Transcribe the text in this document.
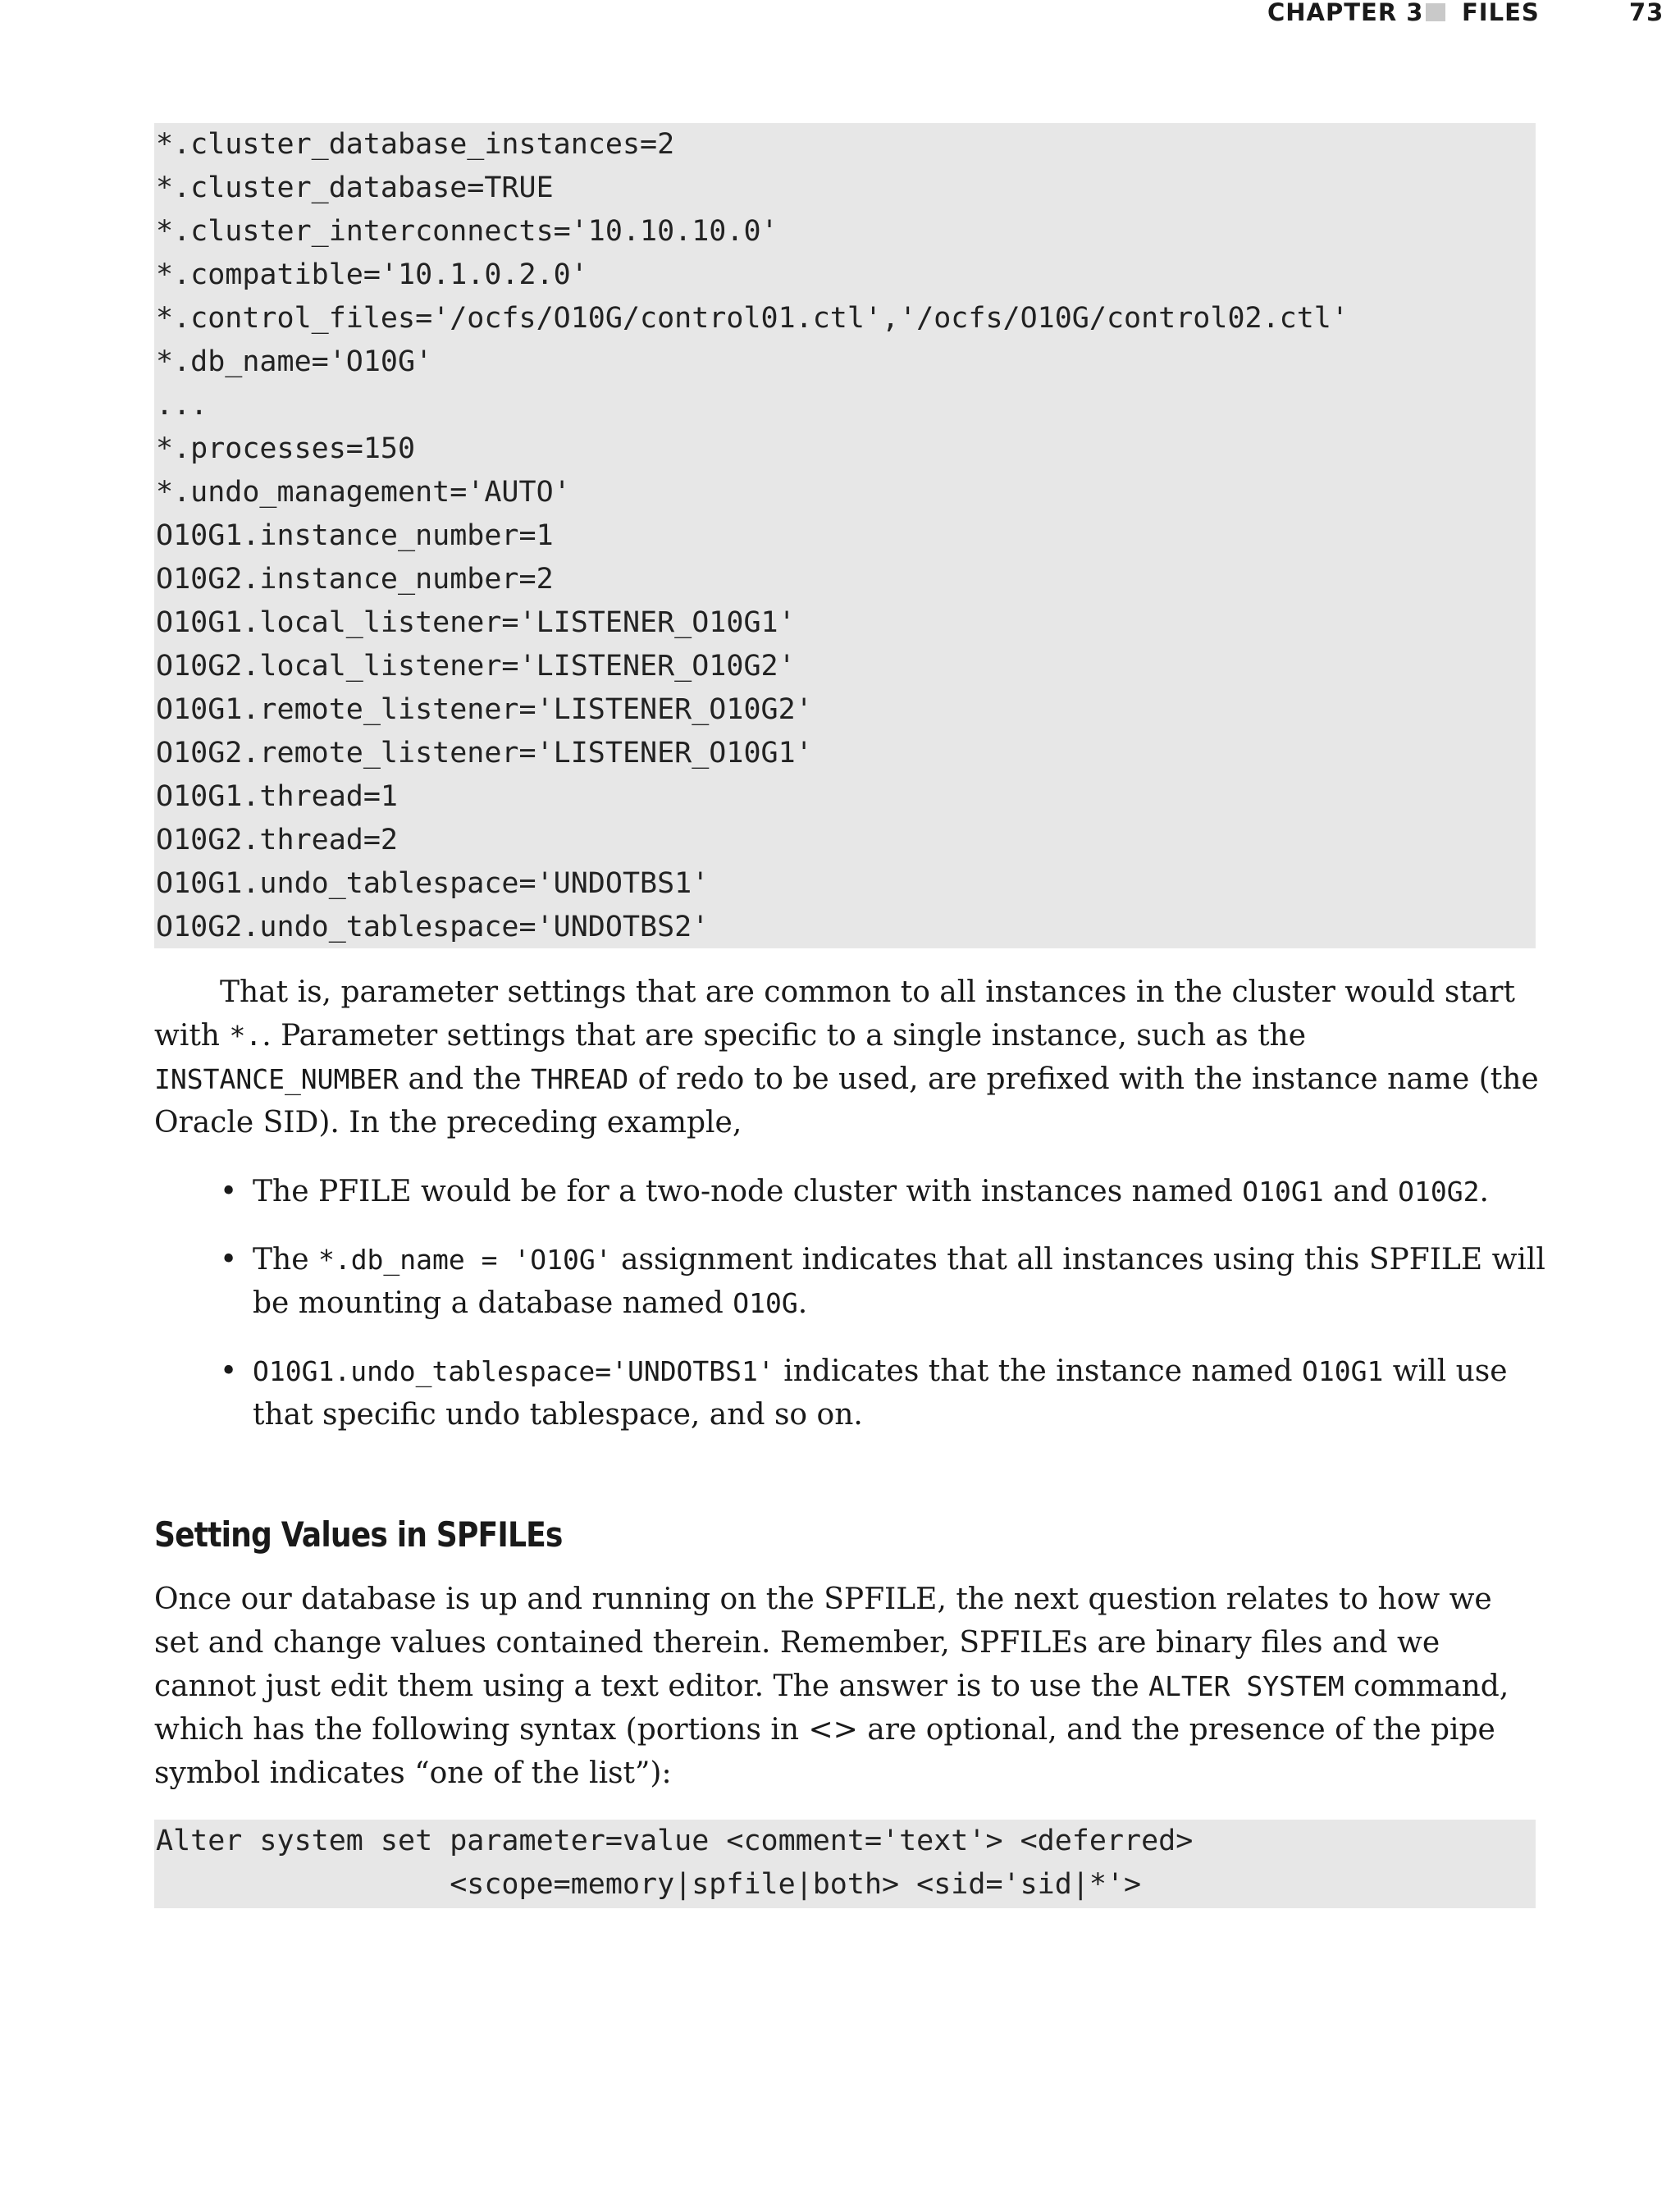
CHAPTER 3 FILES	73
*.cluster_database_instances=2
*.cluster_database=TRUE
*.cluster_interconnects='10.10.10.0'
*.compatible='10.1.0.2.0'
*.control_files='/ocfs/O10G/control01.ctl','/ocfs/O10G/control02.ctl'
*.db_name='O10G'
...
*.processes=150
*.undo_management='AUTO'
O10G1.instance_number=1
O10G2.instance_number=2
O10G1.local_listener='LISTENER_O10G1'
O10G2.local_listener='LISTENER_O10G2'
O10G1.remote_listener='LISTENER_O10G2'
O10G2.remote_listener='LISTENER_O10G1'
O10G1.thread=1
O10G2.thread=2
O10G1.undo_tablespace='UNDOTBS1'
O10G2.undo_tablespace='UNDOTBS2'

That is, parameter settings that are common to all instances in the cluster would start with *.. Parameter settings that are specific to a single instance, such as the INSTANCE_NUMBER and the THREAD of redo to be used, are prefixed with the instance name (the Oracle SID). In the preceding example,

• The PFILE would be for a two-node cluster with instances named O10G1 and O10G2.
• The *.db_name = 'O10G' assignment indicates that all instances using this SPFILE will be mounting a database named O10G.
• O10G1.undo_tablespace='UNDOTBS1' indicates that the instance named O10G1 will use that specific undo tablespace, and so on.
Setting Values in SPFILEs

Once our database is up and running on the SPFILE, the next question relates to how we set and change values contained therein. Remember, SPFILEs are binary files and we cannot just edit them using a text editor. The answer is to use the ALTER SYSTEM command, which has the following syntax (portions in <> are optional, and the presence of the pipe symbol indicates “one of the list”):

Alter system set parameter=value <comment='text'> <deferred>
<scope=memory|spfile|both> <sid='sid|*'>
